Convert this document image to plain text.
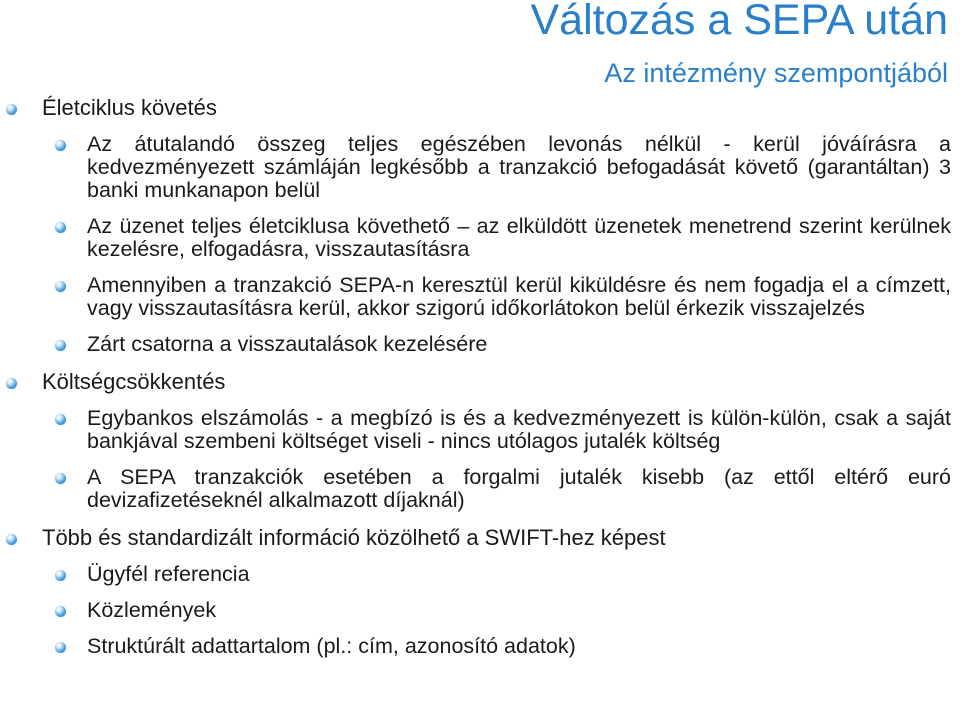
Változás a SEPA után
Az intézmény szempontjából
Életciklus követés
Az átutalandó összeg teljes egészében levonás nélkül - kerül jóváírásra a kedvezményezett számláján legkésőbb a tranzakció befogadását követő (garantáltan) 3 banki munkanapon belül
Az üzenet teljes életciklusa követhető – az elküldött üzenetek menetrend szerint kerülnek kezelésre, elfogadásra, visszautasításra
Amennyiben a tranzakció SEPA-n keresztül kerül kiküldésre és nem fogadja el a címzett, vagy visszautasításra kerül, akkor szigorú időkorlátokon belül érkezik visszajelzés
Zárt csatorna a visszautalások kezelésére
Költségcsökkentés
Egybankos elszámolás - a megbízó is és a kedvezményezett is külön-külön, csak a saját bankjával szembeni költséget viseli - nincs utólagos jutalék költség
A SEPA tranzakciók esetében a forgalmi jutalék kisebb (az ettől eltérő euró devizafizetéseknél alkalmazott díjaknál)
Több és standardizált információ közölhető a SWIFT-hez képest
Ügyfél referencia
Közlemények
Struktúrált adattartalom (pl.: cím, azonosító adatok)
